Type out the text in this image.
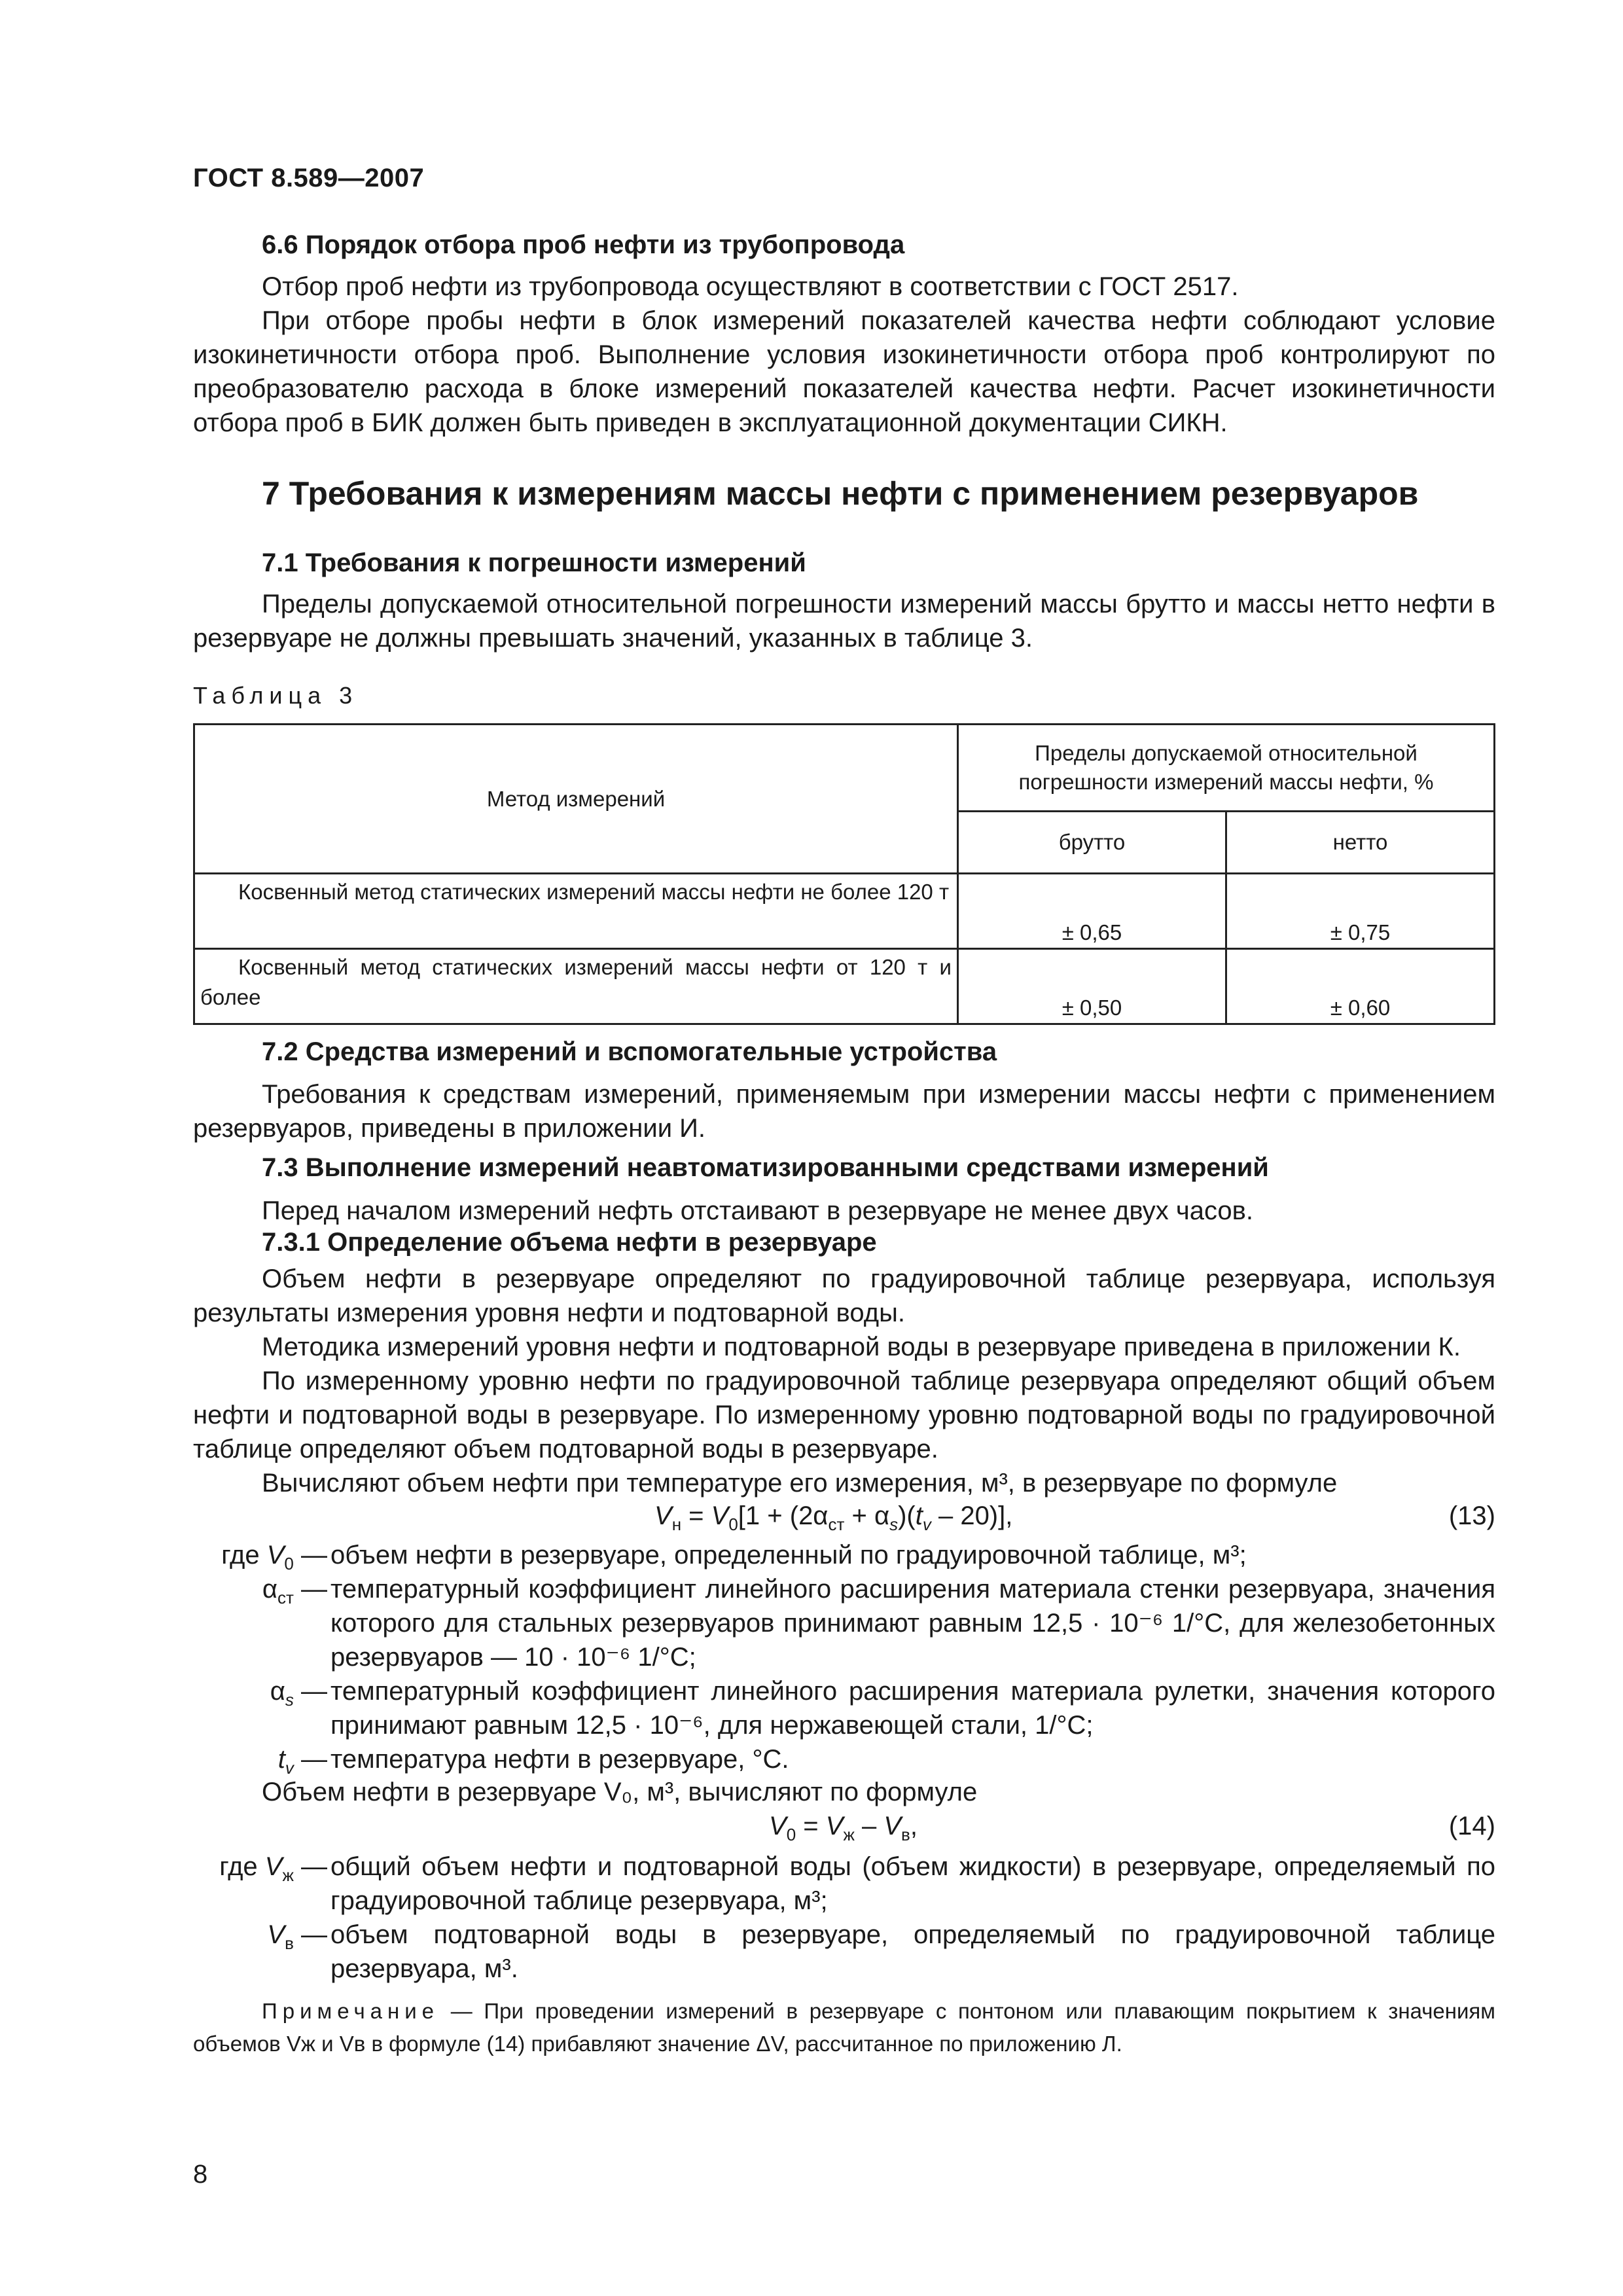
ГОСТ 8.589—2007
6.6 Порядок отбора проб нефти из трубопровода

Отбор проб нефти из трубопровода осуществляют в соответствии с ГОСТ 2517.

При отборе пробы нефти в блок измерений показателей качества нефти соблюдают условие изокинетичности отбора проб. Выполнение условия изокинетичности отбора проб контролируют по преобразователю расхода в блоке измерений показателей качества нефти. Расчет изокинетичности отбора проб в БИК должен быть приведен в эксплуатационной документации СИКН.

7 Требования к измерениям массы нефти с применением резервуаров
7.1 Требования к погрешности измерений

Пределы допускаемой относительной погрешности измерений массы брутто и массы нетто нефти в резервуаре не должны превышать значений, указанных в таблице 3.

Таблица 3
Метод измерений	Пределы допускаемой относительной погрешности измерений массы нефти, %	

	брутто	нетто
Косвенный метод статических измерений массы нефти не более 120 т	± 0,65	± 0,75
Косвенный метод статических измерений массы нефти от 120 т и более	± 0,50	± 0,60
7.2 Средства измерений и вспомогательные устройства

Требования к средствам измерений, применяемым при измерении массы нефти с применением резервуаров, приведены в приложении И.

7.3 Выполнение измерений неавтоматизированными средствами измерений

Перед началом измерений нефть отстаивают в резервуаре не менее двух часов.

7.3.1 Определение объема нефти в резервуаре

Объем нефти в резервуаре определяют по градуировочной таблице резервуара, используя результаты измерения уровня нефти и подтоварной воды.

Методика измерений уровня нефти и подтоварной воды в резервуаре приведена в приложении К.

По измеренному уровню нефти по градуировочной таблице резервуара определяют общий объем нефти и подтоварной воды в резервуаре. По измеренному уровню подтоварной воды по градуировочной таблице определяют объем подтоварной воды в резервуаре.

Вычисляют объем нефти при температуре его измерения, м³, в резервуаре по формуле

$V_н = V_0[1 + (2\alpha_{ст} + \alpha_s)(t_v - 20)]$,	(13)
где $V_0$ — объем нефти в резервуаре, определенный по градуировочной таблице, м³;
$\alpha_{ст}$ — температурный коэффициент линейного расширения материала стенки резервуара, значения которого для стальных резервуаров принимают равным 12,5 · 10⁻⁶ 1/°C, для железобетонных резервуаров — 10 · 10⁻⁶ 1/°C;
$\alpha_s$ — температурный коэффициент линейного расширения материала рулетки, значения которого принимают равным 12,5 · 10⁻⁶, для нержавеющей стали, 1/°C;
$t_v$ — температура нефти в резервуаре, °C.

Объем нефти в резервуаре V₀, м³, вычисляют по формуле

$V_0 = V_ж - V_в$,	(14)
где $V_ж$ — общий объем нефти и подтоварной воды (объем жидкости) в резервуаре, определяемый по градуировочной таблице резервуара, м³;
$V_в$ — объем подтоварной воды в резервуаре, определяемый по градуировочной таблице резервуара, м³.
Примечание — При проведении измерений в резервуаре с понтоном или плавающим покрытием к значениям объемов Vж и Vв в формуле (14) прибавляют значение ΔV, рассчитанное по приложению Л.
8
